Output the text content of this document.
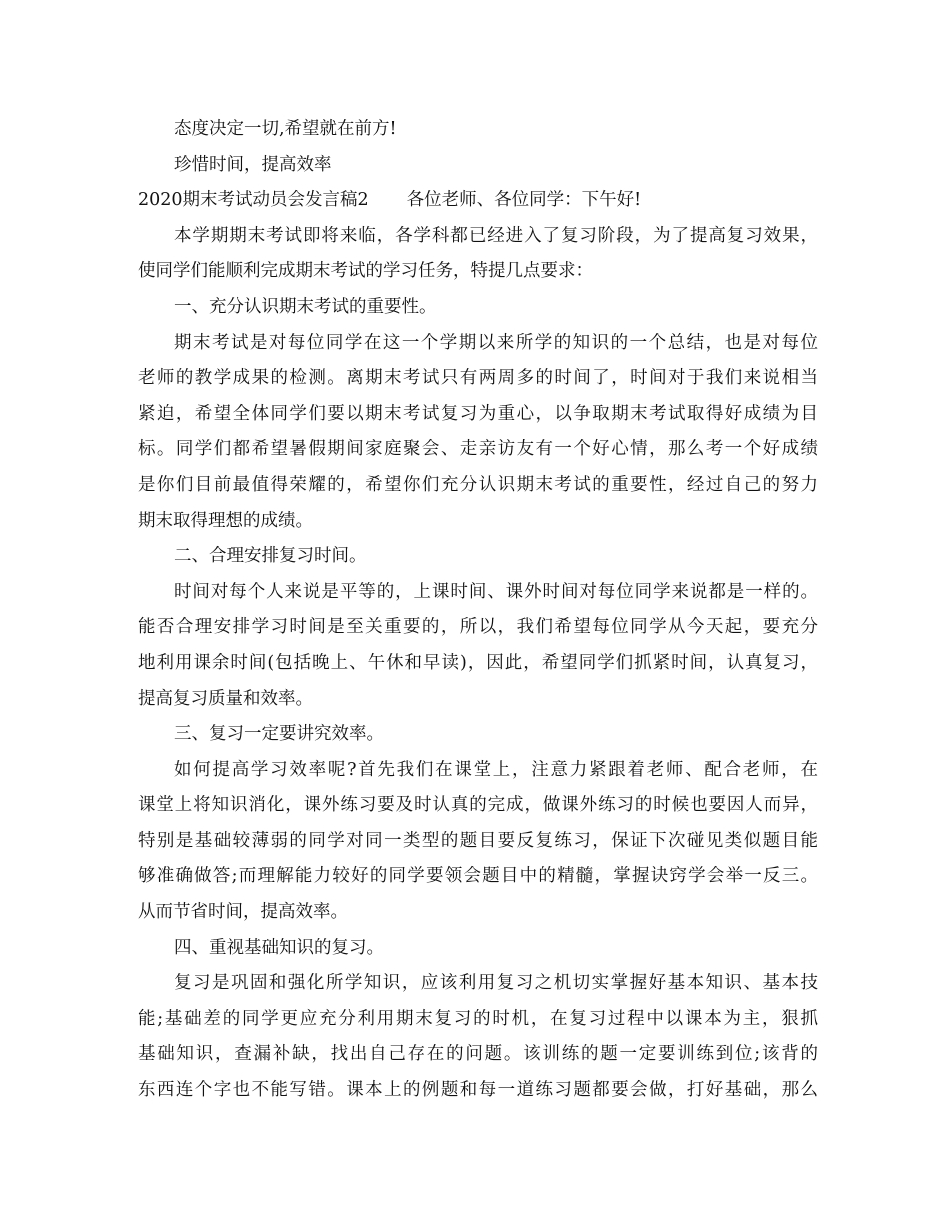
态度决定一切,希望就在前方!
珍惜时间，提高效率
2020期末考试动员会发言稿2 各位老师、各位同学：下午好!
本学期期末考试即将来临，各学科都已经进入了复习阶段，为了提高复习效果，
使同学们能顺利完成期末考试的学习任务，特提几点要求：
一、充分认识期末考试的重要性。
期末考试是对每位同学在这一个学期以来所学的知识的一个总结，也是对每位
老师的教学成果的检测。离期末考试只有两周多的时间了，时间对于我们来说相当
紧迫，希望全体同学们要以期末考试复习为重心，以争取期末考试取得好成绩为目
标。同学们都希望暑假期间家庭聚会、走亲访友有一个好心情，那么考一个好成绩
是你们目前最值得荣耀的，希望你们充分认识期末考试的重要性，经过自己的努力
期末取得理想的成绩。
二、合理安排复习时间。
时间对每个人来说是平等的，上课时间、课外时间对每位同学来说都是一样的。
能否合理安排学习时间是至关重要的，所以，我们希望每位同学从今天起，要充分
地利用课余时间(包括晚上、午休和早读)，因此，希望同学们抓紧时间，认真复习，
提高复习质量和效率。
三、复习一定要讲究效率。
如何提高学习效率呢?首先我们在课堂上，注意力紧跟着老师、配合老师，在
课堂上将知识消化，课外练习要及时认真的完成，做课外练习的时候也要因人而异，
特别是基础较薄弱的同学对同一类型的题目要反复练习，保证下次碰见类似题目能
够准确做答;而理解能力较好的同学要领会题目中的精髓，掌握诀窍学会举一反三。
从而节省时间，提高效率。
四、重视基础知识的复习。
复习是巩固和强化所学知识，应该利用复习之机切实掌握好基本知识、基本技
能;基础差的同学更应充分利用期末复习的时机，在复习过程中以课本为主，狠抓
基础知识，查漏补缺，找出自己存在的问题。该训练的题一定要训练到位;该背的
东西连个字也不能写错。课本上的例题和每一道练习题都要会做，打好基础，那么
